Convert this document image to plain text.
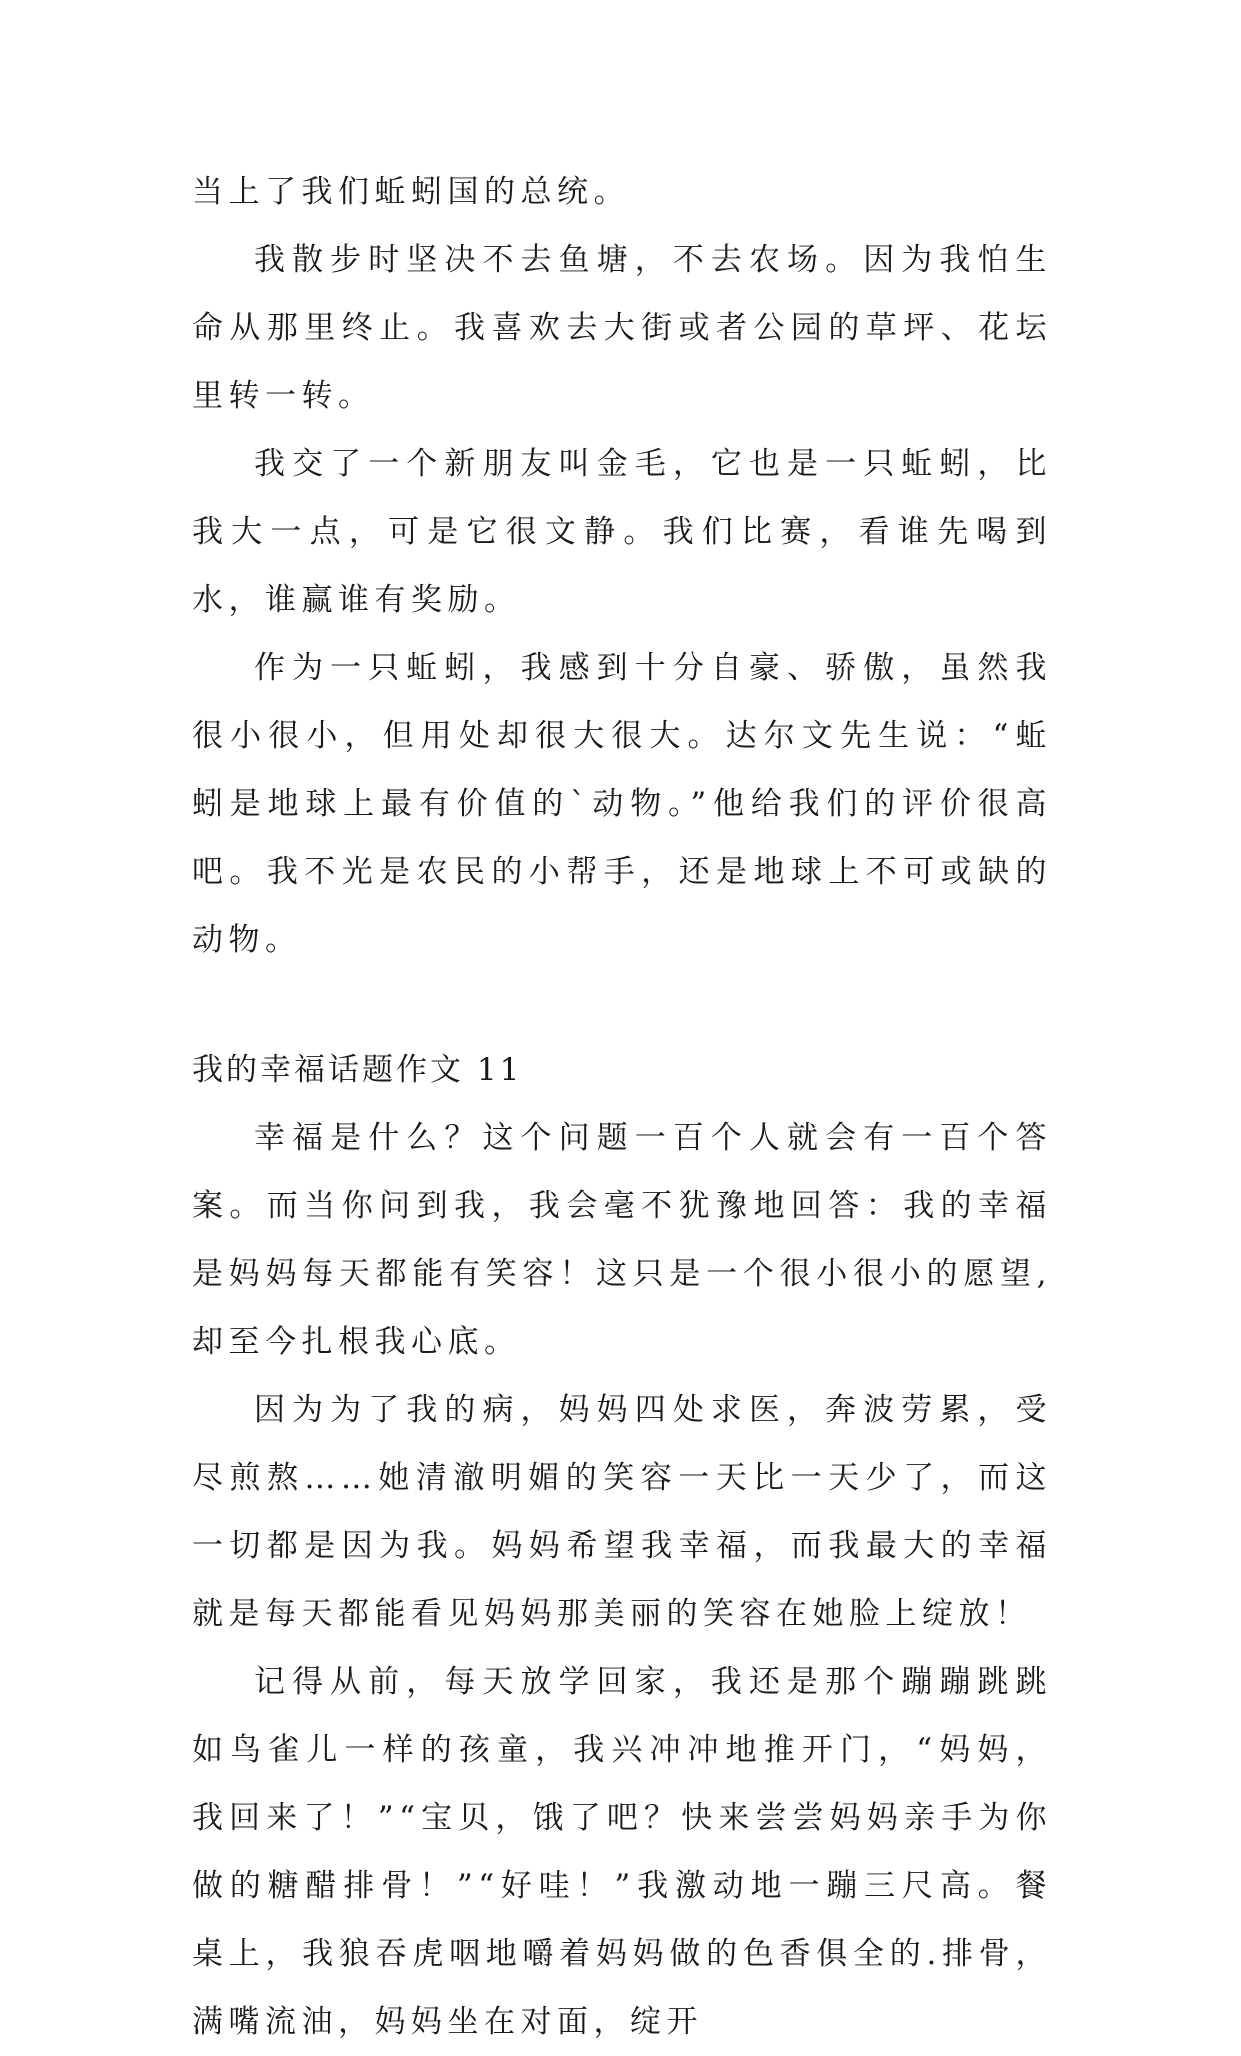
当上了我们蚯蚓国的总统。

我散步时坚决不去鱼塘，不去农场。因为我怕生命从那里终止。我喜欢去大街或者公园的草坪、花坛里转一转。

我交了一个新朋友叫金毛，它也是一只蚯蚓，比我大一点，可是它很文静。我们比赛，看谁先喝到水，谁赢谁有奖励。

作为一只蚯蚓，我感到十分自豪、骄傲，虽然我很小很小，但用处却很大很大。达尔文先生说：“蚯蚓是地球上最有价值的`动物。”他给我们的评价很高吧。我不光是农民的小帮手，还是地球上不可或缺的动物。

我的幸福话题作文 11

幸福是什么？这个问题一百个人就会有一百个答案。而当你问到我，我会毫不犹豫地回答：我的幸福是妈妈每天都能有笑容！这只是一个很小很小的愿望,却至今扎根我心底。

因为为了我的病，妈妈四处求医，奔波劳累，受尽煎熬……她清澈明媚的笑容一天比一天少了，而这一切都是因为我。妈妈希望我幸福，而我最大的幸福就是每天都能看见妈妈那美丽的笑容在她脸上绽放！

记得从前，每天放学回家，我还是那个蹦蹦跳跳如鸟雀儿一样的孩童，我兴冲冲地推开门，“妈妈，我回来了！”“宝贝，饿了吧？快来尝尝妈妈亲手为你做的糖醋排骨！”“好哇！”我激动地一蹦三尺高。餐桌上，我狼吞虎咽地嚼着妈妈做的色香俱全的.排骨，满嘴流油，妈妈坐在对面，绽开
